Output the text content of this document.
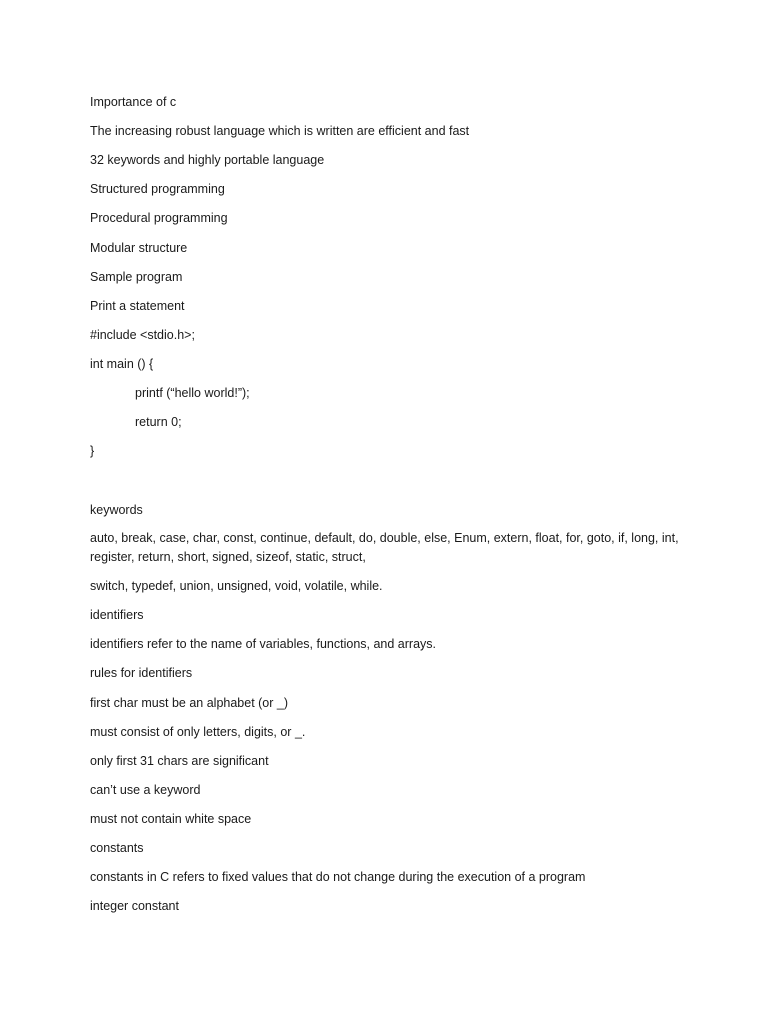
Importance of c
The increasing robust language which is written are efficient and fast
32 keywords and highly portable language
Structured programming
Procedural programming
Modular structure
Sample program
Print a statement
#include <stdio.h>;
int main () {
printf (“hello world!”);
return 0;
}
keywords
auto, break, case, char, const, continue, default, do, double, else, Enum, extern, float, for, goto, if, long, int, register, return, short, signed, sizeof, static, struct,
switch, typedef, union, unsigned, void, volatile, while.
identifiers
identifiers refer to the name of variables, functions, and arrays.
rules for identifiers
first char must be an alphabet (or _)
must consist of only letters, digits, or _.
only first 31 chars are significant
can’t use a keyword
must not contain white space
constants
constants in C refers to fixed values that do not change during the execution of a program
integer constant
